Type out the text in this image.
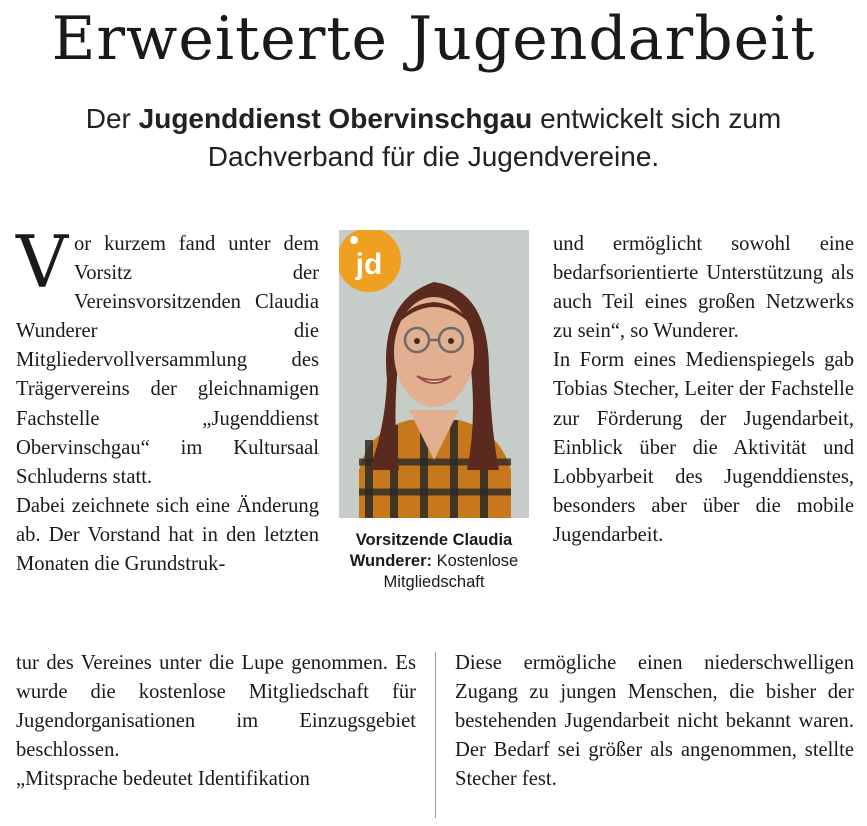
Erweiterte Jugendarbeit

Der Jugenddienst Obervinschgau entwickelt sich zum Dachverband für die Jugendvereine.

Vor kurzem fand unter dem Vorsitz der Vereinsvorsitzenden Claudia Wunderer die Mitgliedervollversammlung des Trägervereins der gleichnamigen Fachstelle „Jugenddienst Obervinschgau“ im Kultursaal Schluderns statt.

Dabei zeichnete sich eine Änderung ab. Der Vorstand hat in den letzten Monaten die Grundstruk-

tur des Vereines unter die Lupe genommen. Es wurde die kostenlose Mitgliedschaft für Jugendorganisationen im Einzugsgebiet beschlossen.

„Mitsprache bedeutet Identifikation

jd
Vorsitzende Claudia Wunderer: Kostenlose Mitgliedschaft

und ermöglicht sowohl eine bedarfsorientierte Unterstützung als auch Teil eines großen Netzwerks zu sein“, so Wunderer.

In Form eines Medienspiegels gab Tobias Stecher, Leiter der Fachstelle zur Förderung der Jugendarbeit, Einblick über die Aktivität und Lobbyarbeit des Jugenddienstes, besonders aber über die mobile Jugendarbeit.

Diese ermögliche einen niederschwelligen Zugang zu jungen Menschen, die bisher der bestehenden Jugendarbeit nicht bekannt waren. Der Bedarf sei größer als angenommen, stellte Stecher fest.
